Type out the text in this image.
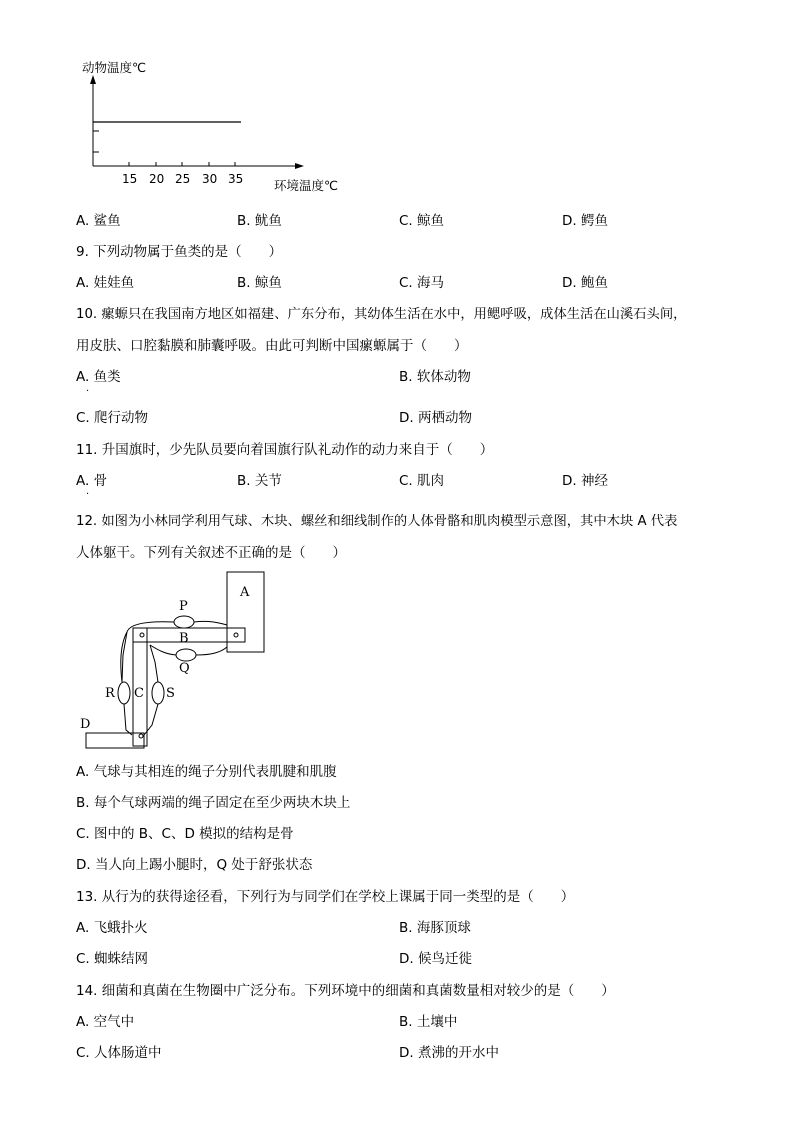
动物温度℃
15 20 25 30 35 环境温度℃
A. 鲨鱼	B. 鱿鱼	C. 鲸鱼	D. 鳄鱼
9. 下列动物属于鱼类的是（　　）
A. 娃娃鱼	B. 鲸鱼	C. 海马	D. 鲍鱼
10. 瘰螈只在我国南方地区如福建、广东分布，其幼体生活在水中，用鳃呼吸，成体生活在山溪石头间，
用皮肤、口腔黏膜和肺囊呼吸。由此可判断中国瘰螈属于（　　）
A. 鱼类	B. 软体动物
.
C. 爬行动物	D. 两栖动物
11. 升国旗时，少先队员要向着国旗行队礼动作的动力来自于（　　）
A. 骨	B. 关节	C. 肌肉	D. 神经
.
12. 如图为小林同学利用气球、木块、螺丝和细线制作的人体骨骼和肌肉模型示意图，其中木块 A 代表
人体躯干。下列有关叙述不正确的是（　　）
A
P
B
Q
R C S
D
A. 气球与其相连的绳子分别代表肌腱和肌腹
B. 每个气球两端的绳子固定在至少两块木块上
C. 图中的 B、C、D 模拟的结构是骨
D. 当人向上踢小腿时，Q 处于舒张状态
13. 从行为的获得途径看，下列行为与同学们在学校上课属于同一类型的是（　　）
A. 飞蛾扑火	B. 海豚顶球
C. 蜘蛛结网	D. 候鸟迁徙
14. 细菌和真菌在生物圈中广泛分布。下列环境中的细菌和真菌数量相对较少的是（　　）
A. 空气中	B. 土壤中
C. 人体肠道中	D. 煮沸的开水中
